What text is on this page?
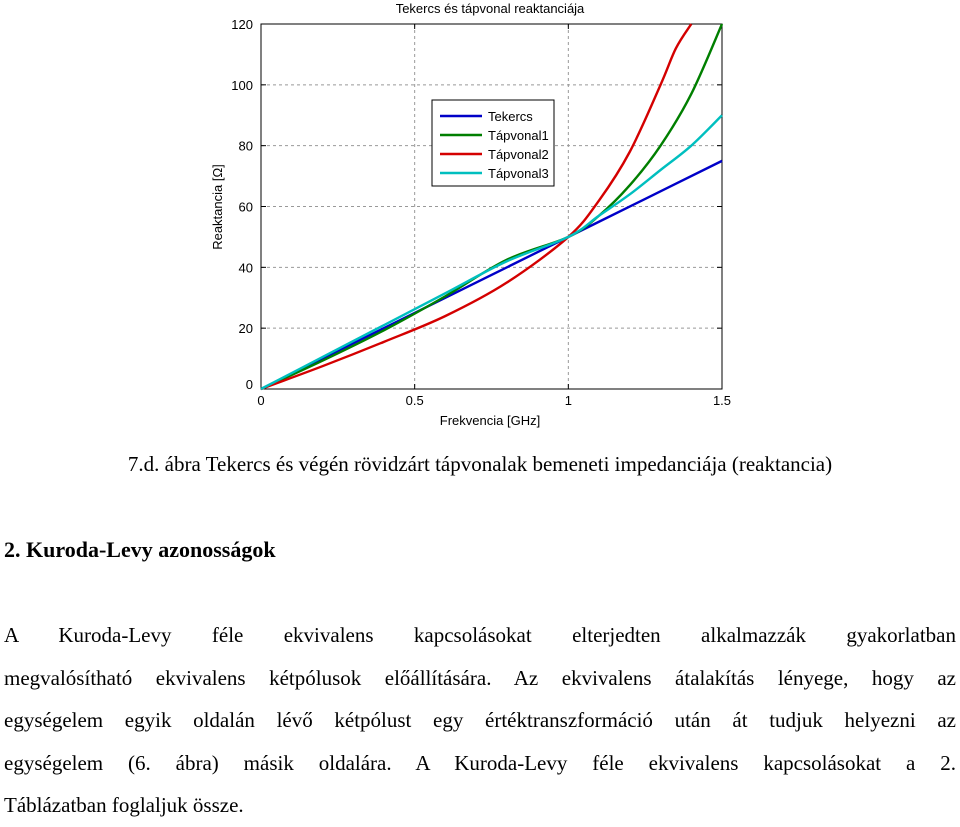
0	0.5	1	1.5
0
20
40
60
80
100
120
Tekercs és tápvonal reaktanciája
Frekvencia [GHz]
Reaktancia [Ω]
Tekercs
Tápvonal1
Tápvonal2
Tápvonal3
7.d. ábra Tekercs és végén rövidzárt tápvonalak bemeneti impedanciája (reaktancia)
2. Kuroda-Levy azonosságok
A Kuroda-Levy féle ekvivalens kapcsolásokat elterjedten alkalmazzák gyakorlatban
megvalósítható ekvivalens kétpólusok előállítására. Az ekvivalens átalakítás lényege, hogy az
egységelem egyik oldalán lévő kétpólust egy értéktranszformáció után át tudjuk helyezni az
egységelem (6. ábra) másik oldalára. A Kuroda-Levy féle ekvivalens kapcsolásokat a 2.
Táblázatban foglaljuk össze.
